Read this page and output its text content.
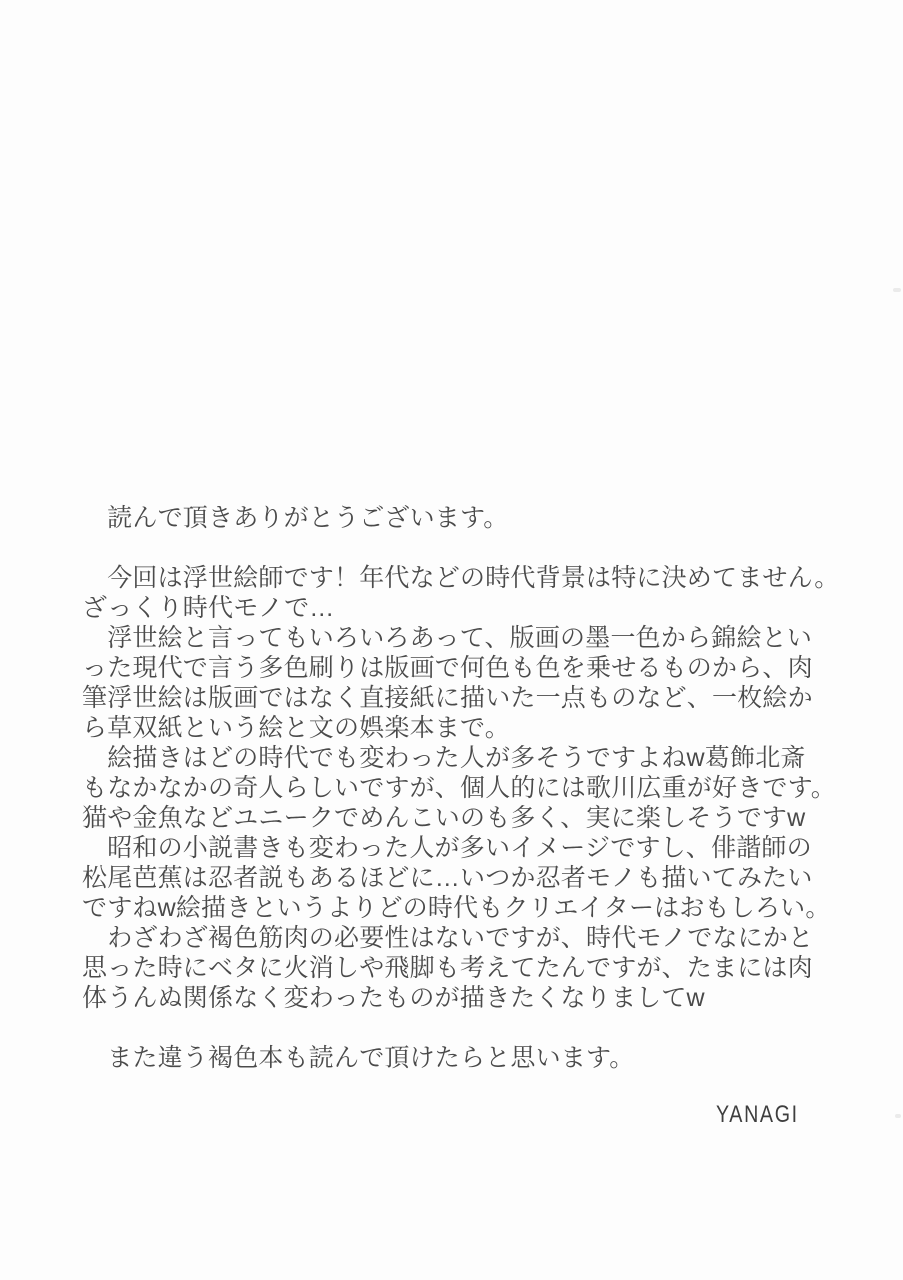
　読んで頂きありがとうございます。
　今回は浮世絵師です！年代などの時代背景は特に決めてません。
ざっくり時代モノで…
　浮世絵と言ってもいろいろあって、版画の墨一色から錦絵とい
った現代で言う多色刷りは版画で何色も色を乗せるものから、肉
筆浮世絵は版画ではなく直接紙に描いた一点ものなど、一枚絵か
ら草双紙という絵と文の娯楽本まで。
　絵描きはどの時代でも変わった人が多そうですよねw葛飾北斎
もなかなかの奇人らしいですが、個人的には歌川広重が好きです。
猫や金魚などユニークでめんこいのも多く、実に楽しそうですw
　昭和の小説書きも変わった人が多いイメージですし、俳諧師の
松尾芭蕉は忍者説もあるほどに…いつか忍者モノも描いてみたい
ですねw絵描きというよりどの時代もクリエイターはおもしろい。
　わざわざ褐色筋肉の必要性はないですが、時代モノでなにかと
思った時にベタに火消しや飛脚も考えてたんですが、たまには肉
体うんぬ関係なく変わったものが描きたくなりましてw
　また違う褐色本も読んで頂けたらと思います。
YANAGI
